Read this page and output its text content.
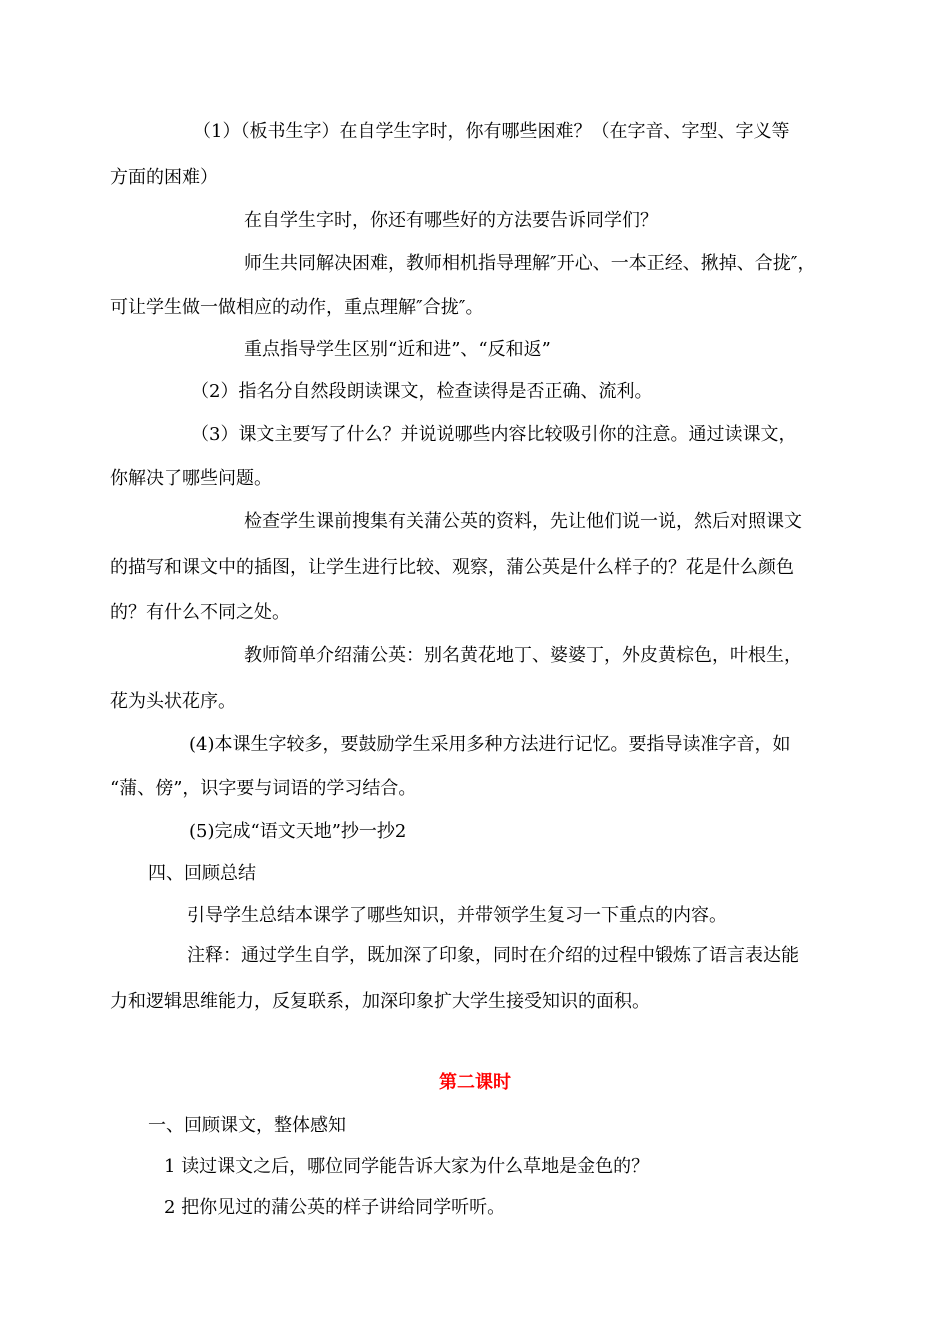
（1）（板书生字）在自学生字时，你有哪些困难？（在字音、字型、字义等
方面的困难）
在自学生字时，你还有哪些好的方法要告诉同学们？
师生共同解决困难，教师相机指导理解″开心、一本正经、揪掉、合拢″，
可让学生做一做相应的动作，重点理解″合拢″。
重点指导学生区别“近和进”、“反和返”
（2）指名分自然段朗读课文，检查读得是否正确、流利。
（3）课文主要写了什么？并说说哪些内容比较吸引你的注意。通过读课文，
你解决了哪些问题。
检查学生课前搜集有关蒲公英的资料，先让他们说一说，然后对照课文
的描写和课文中的插图，让学生进行比较、观察，蒲公英是什么样子的？花是什么颜色
的？有什么不同之处。
教师简单介绍蒲公英：别名黄花地丁、婆婆丁，外皮黄棕色，叶根生，
花为头状花序。
(4)本课生字较多，要鼓励学生采用多种方法进行记忆。要指导读准字音，如
“蒲、傍”，识字要与词语的学习结合。
(5)完成“语文天地”抄一抄2
四、回顾总结
引导学生总结本课学了哪些知识，并带领学生复习一下重点的内容。
注释：通过学生自学，既加深了印象，同时在介绍的过程中锻炼了语言表达能
力和逻辑思维能力，反复联系，加深印象扩大学生接受知识的面积。
第二课时
一、回顾课文，整体感知
1 读过课文之后，哪位同学能告诉大家为什么草地是金色的？
2 把你见过的蒲公英的样子讲给同学听听。
